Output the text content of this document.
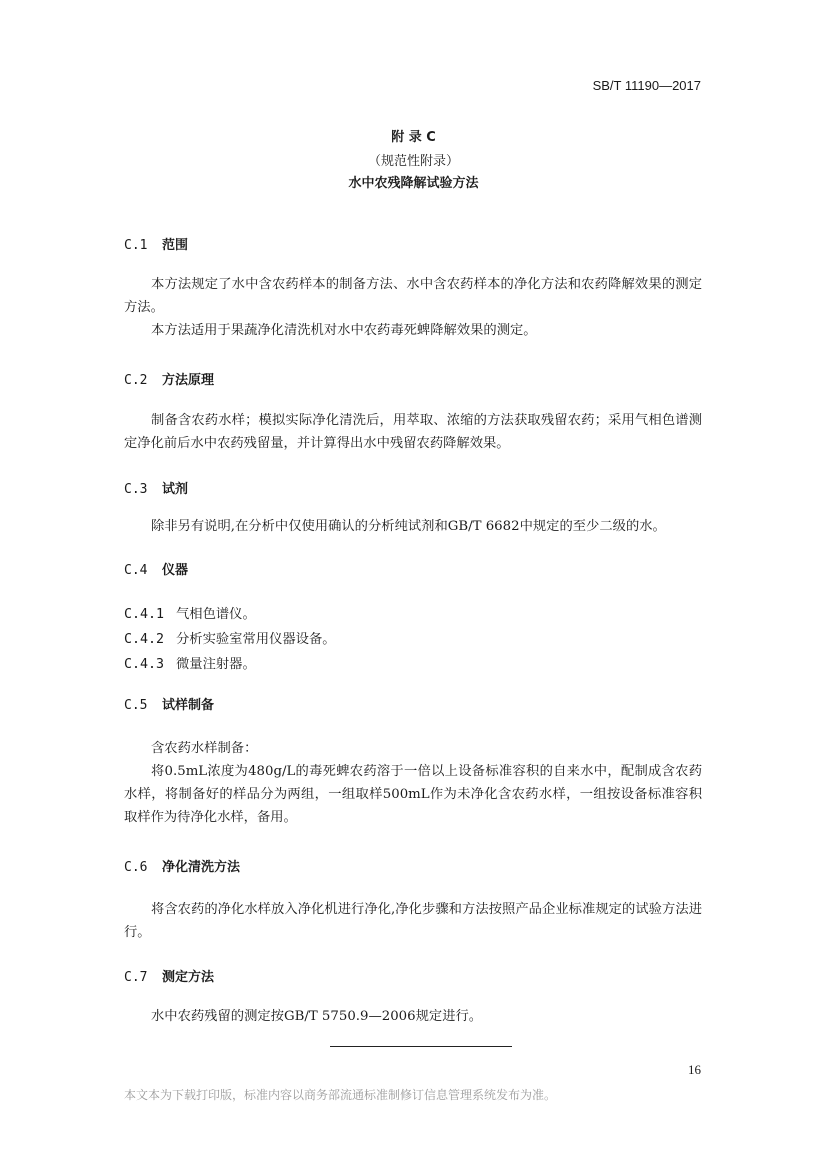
SB/T 11190—2017
附 录 C
（规范性附录）
水中农残降解试验方法
C.1 范围

本方法规定了水中含农药样本的制备方法、水中含农药样本的净化方法和农药降解效果的测定方法。

本方法适用于果蔬净化清洗机对水中农药毒死蜱降解效果的测定。

C.2 方法原理

制备含农药水样；模拟实际净化清洗后，用萃取、浓缩的方法获取残留农药；采用气相色谱测定净化前后水中农药残留量，并计算得出水中残留农药降解效果。

C.3 试剂

除非另有说明,在分析中仅使用确认的分析纯试剂和GB/T 6682中规定的至少二级的水。

C.4 仪器
C.4.1 气相色谱仪。
C.4.2 分析实验室常用仪器设备。
C.4.3 微量注射器。
C.5 试样制备

含农药水样制备：

将0.5mL浓度为480g/L的毒死蜱农药溶于一倍以上设备标准容积的自来水中，配制成含农药水样，将制备好的样品分为两组，一组取样500mL作为未净化含农药水样，一组按设备标准容积取样作为待净化水样，备用。

C.6 净化清洗方法

将含农药的净化水样放入净化机进行净化,净化步骤和方法按照产品企业标准规定的试验方法进行。

C.7 测定方法

水中农药残留的测定按GB/T 5750.9—2006规定进行。

16
本文本为下载打印版，标准内容以商务部流通标准制修订信息管理系统发布为准。
